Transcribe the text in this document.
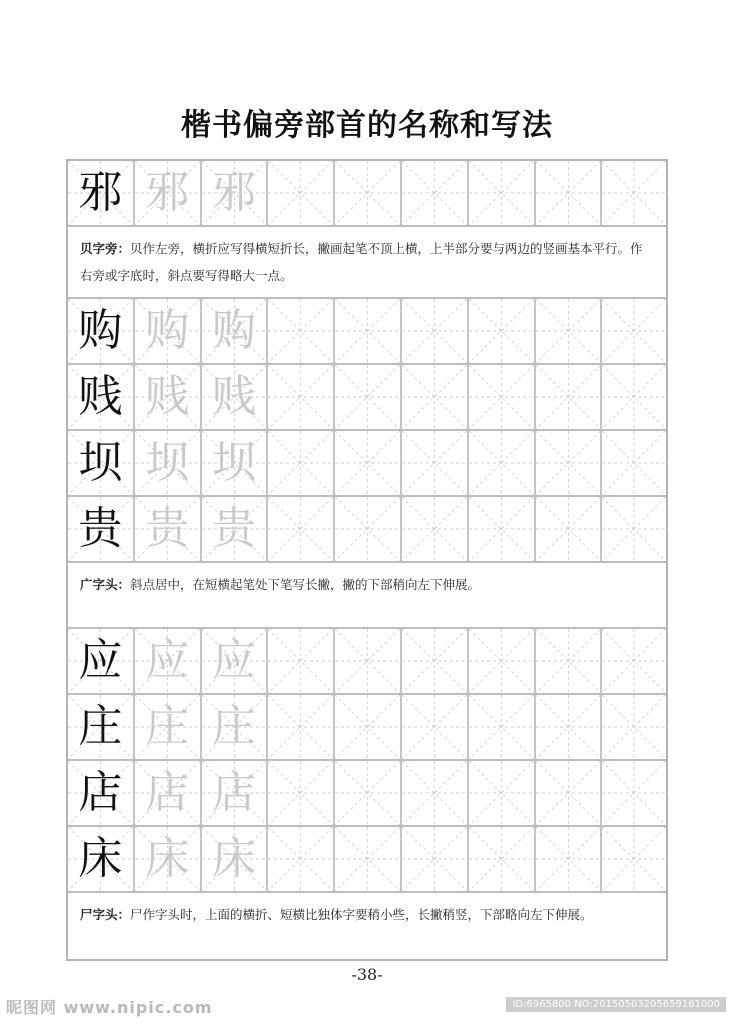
楷书偏旁部首的名称和写法
邪 邪 邪
贝字旁：贝作左旁，横折应写得横短折长，撇画起笔不顶上横，上半部分要与两边的竖画基本平行。作右旁或字底时，斜点要写得略大一点。
购 购 购
贱 贱 贱
坝 坝 坝
贵 贵 贵
广字头：斜点居中，在短横起笔处下笔写长撇，撇的下部稍向左下伸展。
应 应 应
庄 庄 庄
店 店 店
床 床 床
尸字头：尸作字头时，上面的横折、短横比独体字要稍小些，长撇稍竖，下部略向左下伸展。
-38-
昵图网 www.nipic.com	ID:6965800 NO:20150503205659161000
